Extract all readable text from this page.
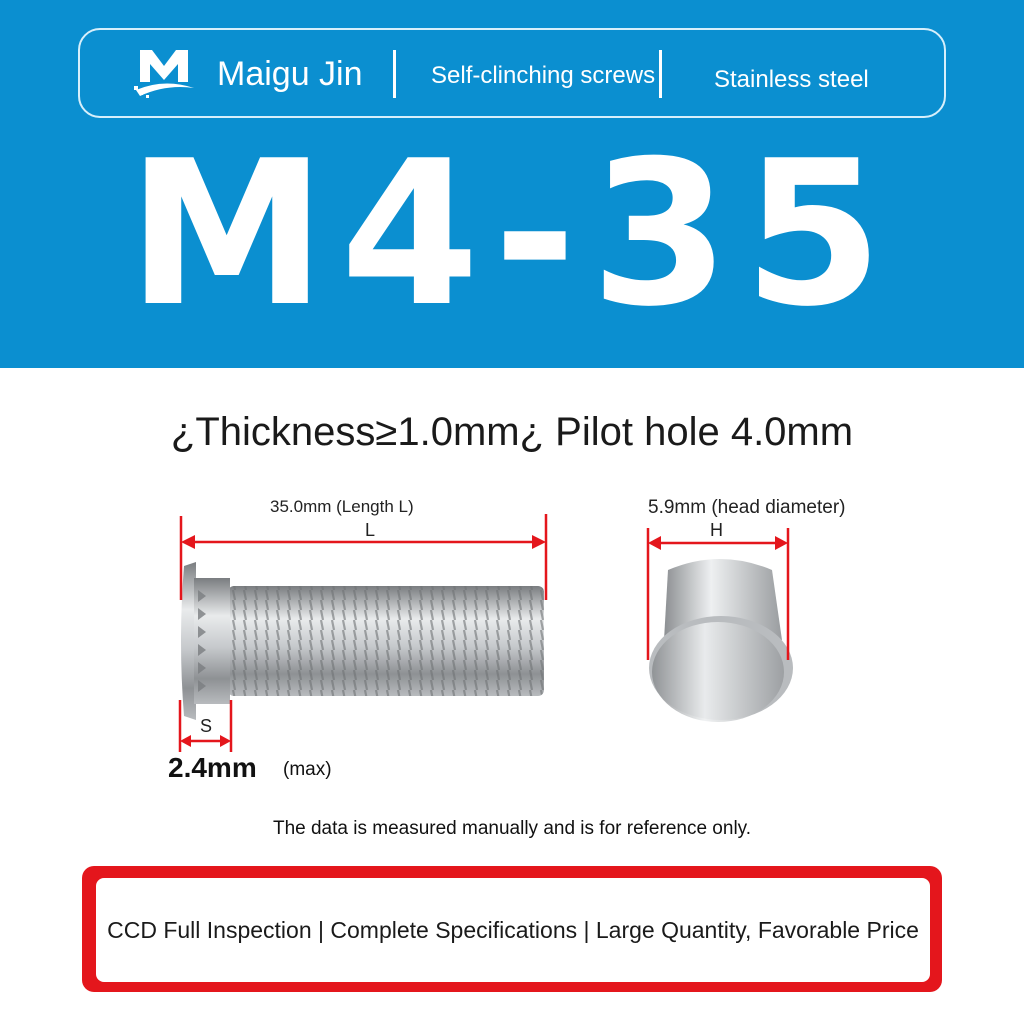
Maigu Jin	Self-clinching screws Stainless steel
M4-35
¿Thickness≥1.0mm¿ Pilot hole 4.0mm
35.0mm (Length L)
L
5.9mm (head diameter)
H
S
2.4mm (max)
The data is measured manually and is for reference only.
CCD Full Inspection | Complete Specifications | Large Quantity, Favorable Price
